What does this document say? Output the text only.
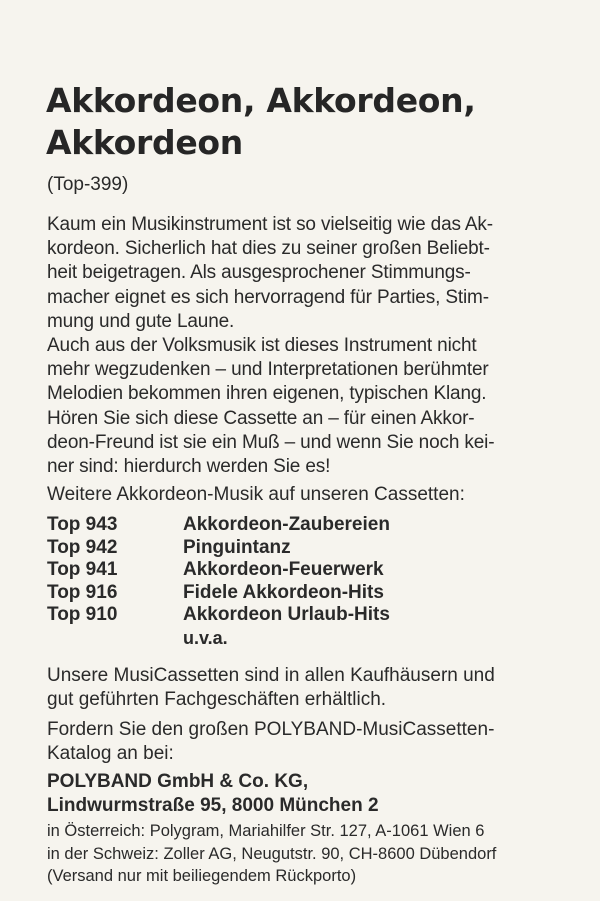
Akkordeon, Akkordeon,
Akkordeon
(Top-399)
Kaum ein Musikinstrument ist so vielseitig wie das Ak-
kordeon. Sicherlich hat dies zu seiner großen Beliebt-
heit beigetragen. Als ausgesprochener Stimmungs-
macher eignet es sich hervorragend für Parties, Stim-
mung und gute Laune.
Auch aus der Volksmusik ist dieses Instrument nicht
mehr wegzudenken – und Interpretationen berühmter
Melodien bekommen ihren eigenen, typischen Klang.
Hören Sie sich diese Cassette an – für einen Akkor-
deon-Freund ist sie ein Muß – und wenn Sie noch kei-
ner sind: hierdurch werden Sie es!
Weitere Akkordeon-Musik auf unseren Cassetten:
Top 943	Akkordeon-Zaubereien
Top 942	Pinguintanz
Top 941	Akkordeon-Feuerwerk
Top 916	Fidele Akkordeon-Hits
Top 910	Akkordeon Urlaub-Hits
u.v.a.
Unsere MusiCassetten sind in allen Kaufhäusern und
gut geführten Fachgeschäften erhältlich.
Fordern Sie den großen POLYBAND-MusiCassetten-
Katalog an bei:
POLYBAND GmbH & Co. KG,
Lindwurmstraße 95, 8000 München 2
in Österreich: Polygram, Mariahilfer Str. 127, A-1061 Wien 6
in der Schweiz: Zoller AG, Neugutstr. 90, CH-8600 Dübendorf
(Versand nur mit beiliegendem Rückporto)
